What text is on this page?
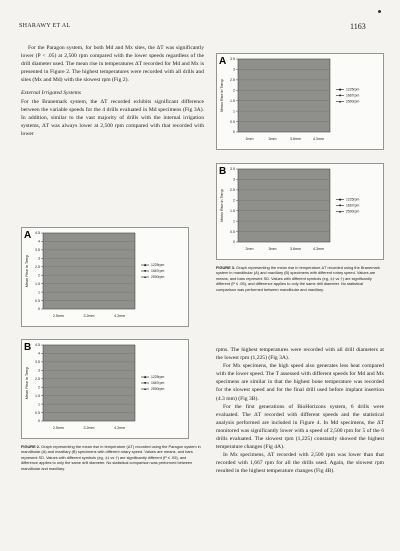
SHARAWY ET AL	1163
For the Paragon system, for both Md and Mx sites, the ΔT was significantly lower (P < .05) at 2,500 rpm compared with the lower speeds regardless of the drill diameter used. The mean rise in temperatures ΔT recorded for Md and Mx is presented in Figure 2. The highest temperatures were recorded with all drills and sites (Mx and Md) with the slowest rpm (Fig 2).
External Irrigated Systems
For the Branemark system, the ΔT recorded exhibits significant difference between the variable speeds for the 4 drills evaluated in Md specimens (Fig 3A). In addition, similar to the vast majority of drills with the internal irrigation systems, ΔT was always lower at 2,500 rpm compared with that recorded with lower
rpms. The highest temperatures were recorded with all drill diameters at the lowest rpm (1,225) (Fig 3A).
For Mx specimens, the high speed also generates less heat compared with the lower speed. The T assessed with different speeds for Md and Mx specimens are similar in that the highest bone temperature was recorded for the slowest speed and for the final drill used before implant insertion (4.3 mm) (Fig 3B).
For the first generations of BioHorizons system, 6 drills were evaluated. The ΔT recorded with different speeds and the statistical analysis performed are included in Figure 4. In Md specimens, the ΔT monitored was significantly lower with a speed of 2,500 rpm for 5 of the 6 drills evaluated. The slowest rpm (1,225) constantly showed the highest temperature changes (Fig 4A).
In Mx specimens, ΔT recorded with 2,500 rpm was lower than that recorded with 1,667 rpm for all the drills used. Again, the slowest rpm resulted in the highest temperature changes (Fig 4B).
A
0
0.5
1
1.5
2
2.5
3
3.5
Mean Rise in Temp
2mm	3mm	3.6mm	4.3mm
◆ 1225rpm
■ 1667rpm
▲ 2500rpm
B
0
0.5
1
1.5
2
2.5
3
3.5
Mean Rise in Temp
2mm	3mm	3.6mm	4.3mm
◆ 1225rpm
■ 1667rpm
▲ 2500rpm
A
0
0.5
1
1.5
2
2.5
3
3.5
4
4.5
Mean Rise in Temp
2.5mm	3.2mm	4.2mm
◆ 1225rpm
■ 1667rpm
▲ 2500rpm
B
0
0.5
1
1.5
2
2.5
3
3.5
4
4.5
Mean Rise in Temp
2.5mm	3.2mm	4.2mm
◆ 1225rpm
■ 1667rpm
▲ 2500rpm
FIGURE 3. Graph representing the mean rise in temperature ΔT recorded using the Branemark system in mandibular (A) and maxillary (B) specimens with different rotary speed. Values are means, and bars represent SD. Values with different symbols (eg, ‡‡ vs †) are significantly different (P ≤ .05), and difference applies to only the same drill diameter. No statistical comparison was performed between mandibular and maxillary.
FIGURE 2. Graph representing the mean rise in temperature (ΔT) recorded using the Paragon system in mandibular (A) and maxillary (B) specimens with different rotary speed. Values are means, and bars represent SD. Values with different symbols (eg, ‡‡ vs †) are significantly different (P ≤ .05), and difference applies to only the same drill diameter. No statistical comparison was performed between mandibular and maxillary.
